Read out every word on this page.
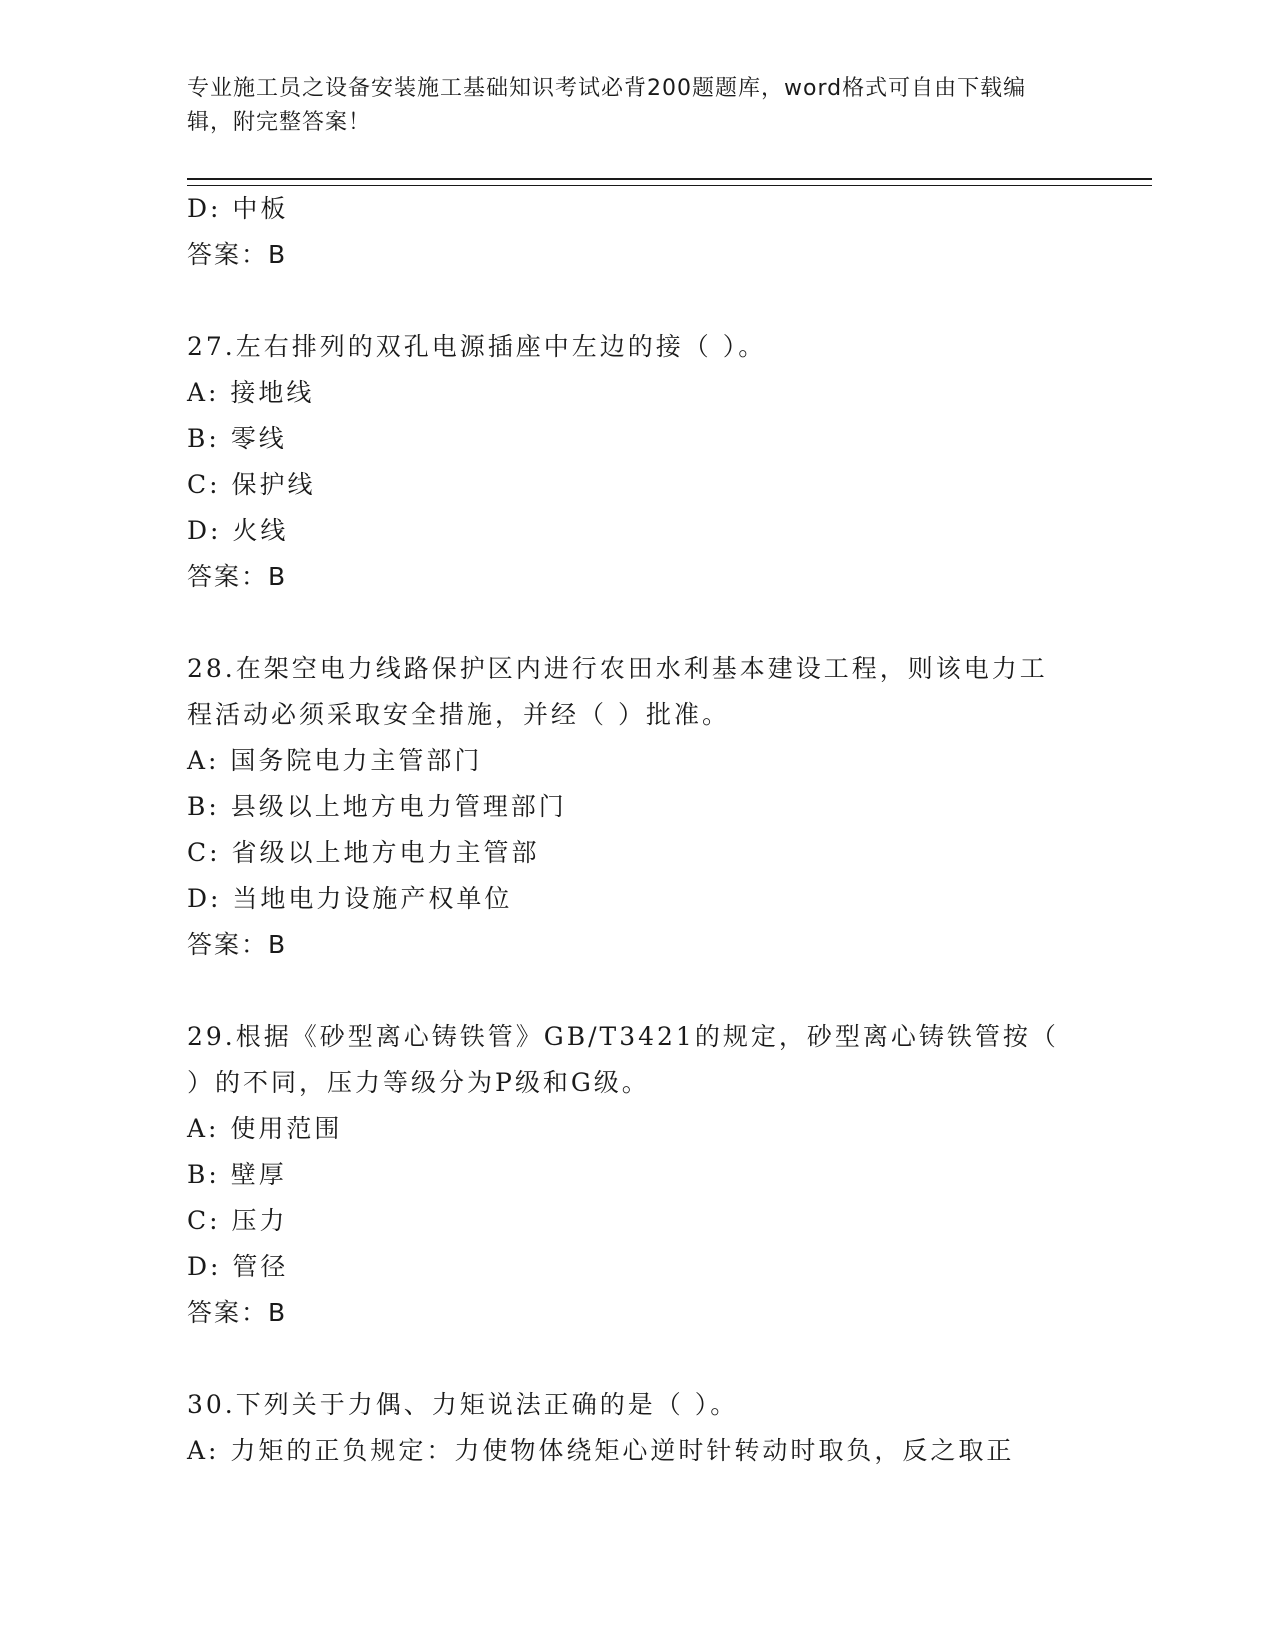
专业施工员之设备安装施工基础知识考试必背200题题库，word格式可自由下载编辑，附完整答案！
D: 中板
答案：B
27.左右排列的双孔电源插座中左边的接（ ）。
A: 接地线
B: 零线
C: 保护线
D: 火线
答案：B
28.在架空电力线路保护区内进行农田水利基本建设工程，则该电力工
程活动必须采取安全措施，并经（ ）批准。
A: 国务院电力主管部门
B: 县级以上地方电力管理部门
C: 省级以上地方电力主管部
D: 当地电力设施产权单位
答案：B
29.根据《砂型离心铸铁管》GB/T3421的规定，砂型离心铸铁管按（
）的不同，压力等级分为P级和G级。
A: 使用范围
B: 壁厚
C: 压力
D: 管径
答案：B
30.下列关于力偶、力矩说法正确的是（ ）。
A: 力矩的正负规定：力使物体绕矩心逆时针转动时取负，反之取正
